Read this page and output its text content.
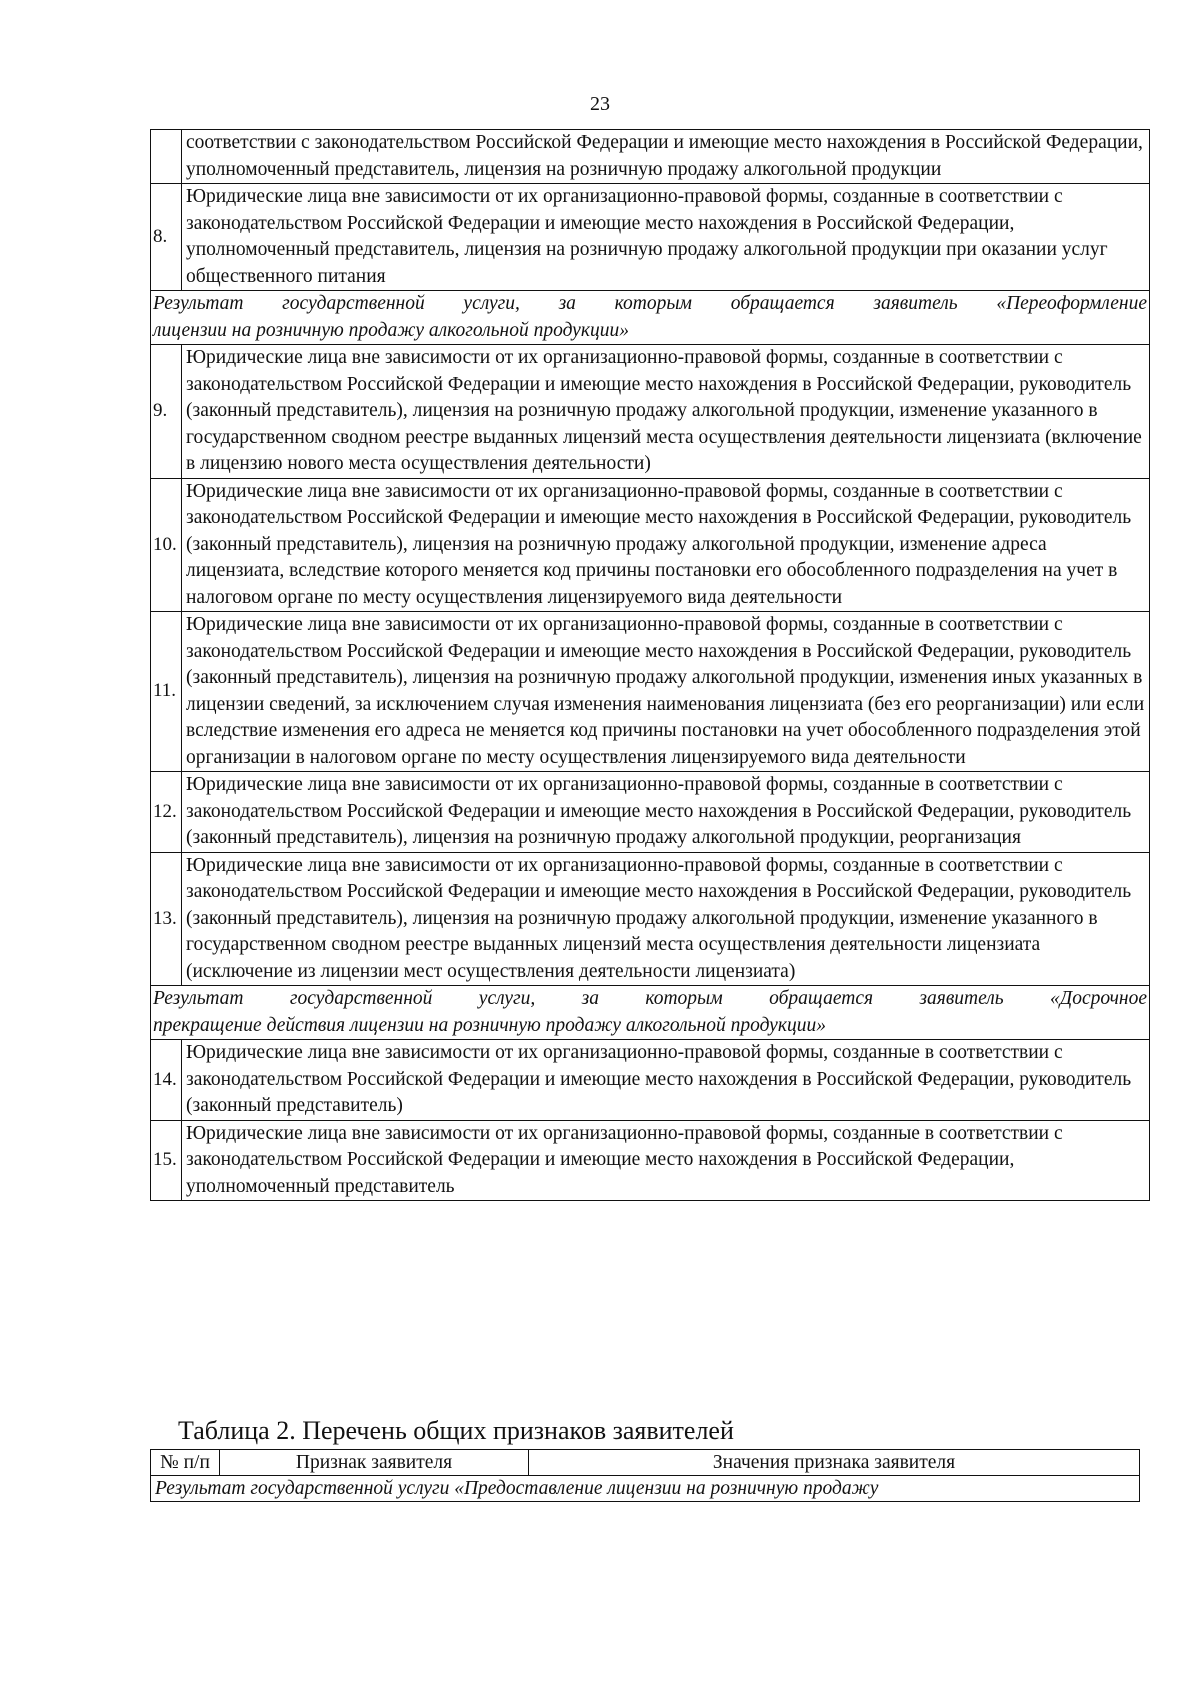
23
	соответствии с законодательством Российской Федерации и имеющие место нахождения в Российской Федерации, уполномоченный представитель, лицензия на розничную продажу алкогольной продукции
8.	Юридические лица вне зависимости от их организационно-правовой формы, созданные в соответствии с законодательством Российской Федерации и имеющие место нахождения в Российской Федерации, уполномоченный представитель, лицензия на розничную продажу алкогольной продукции при оказании услуг общественного питания

Результат государственной услуги, за которым обращается заявитель «Переоформление
лицензии на розничную продажу алкогольной продукции»	

9.	Юридические лица вне зависимости от их организационно-правовой формы, созданные в соответствии с законодательством Российской Федерации и имеющие место нахождения в Российской Федерации, руководитель (законный представитель), лицензия на розничную продажу алкогольной продукции, изменение указанного в государственном сводном реестре выданных лицензий места осуществления деятельности лицензиата (включение в лицензию нового места осуществления деятельности)
10.	Юридические лица вне зависимости от их организационно-правовой формы, созданные в соответствии с законодательством Российской Федерации и имеющие место нахождения в Российской Федерации, руководитель (законный представитель), лицензия на розничную продажу алкогольной продукции, изменение адреса лицензиата, вследствие которого меняется код причины постановки его обособленного подразделения на учет в налоговом органе по месту осуществления лицензируемого вида деятельности
11.	Юридические лица вне зависимости от их организационно-правовой формы, созданные в соответствии с законодательством Российской Федерации и имеющие место нахождения в Российской Федерации, руководитель (законный представитель), лицензия на розничную продажу алкогольной продукции, изменения иных указанных в лицензии сведений, за исключением случая изменения наименования лицензиата (без его реорганизации) или если вследствие изменения его адреса не меняется код причины постановки на учет обособленного подразделения этой организации в налоговом органе по месту осуществления лицензируемого вида деятельности
12.	Юридические лица вне зависимости от их организационно-правовой формы, созданные в соответствии с законодательством Российской Федерации и имеющие место нахождения в Российской Федерации, руководитель (законный представитель), лицензия на розничную продажу алкогольной продукции, реорганизация
13.	Юридические лица вне зависимости от их организационно-правовой формы, созданные в соответствии с законодательством Российской Федерации и имеющие место нахождения в Российской Федерации, руководитель (законный представитель), лицензия на розничную продажу алкогольной продукции, изменение указанного в государственном сводном реестре выданных лицензий места осуществления деятельности лицензиата (исключение из лицензии мест осуществления деятельности лицензиата)

Результат государственной услуги, за которым обращается заявитель «Досрочное
прекращение действия лицензии на розничную продажу алкогольной продукции»	

14.	Юридические лица вне зависимости от их организационно-правовой формы, созданные в соответствии с законодательством Российской Федерации и имеющие место нахождения в Российской Федерации, руководитель (законный представитель)
15.	Юридические лица вне зависимости от их организационно-правовой формы, созданные в соответствии с законодательством Российской Федерации и имеющие место нахождения в Российской Федерации, уполномоченный представитель
Таблица 2. Перечень общих признаков заявителей
№ п/п	Признак заявителя	Значения признака заявителя
Результат государственной услуги «Предоставление лицензии на розничную продажу
